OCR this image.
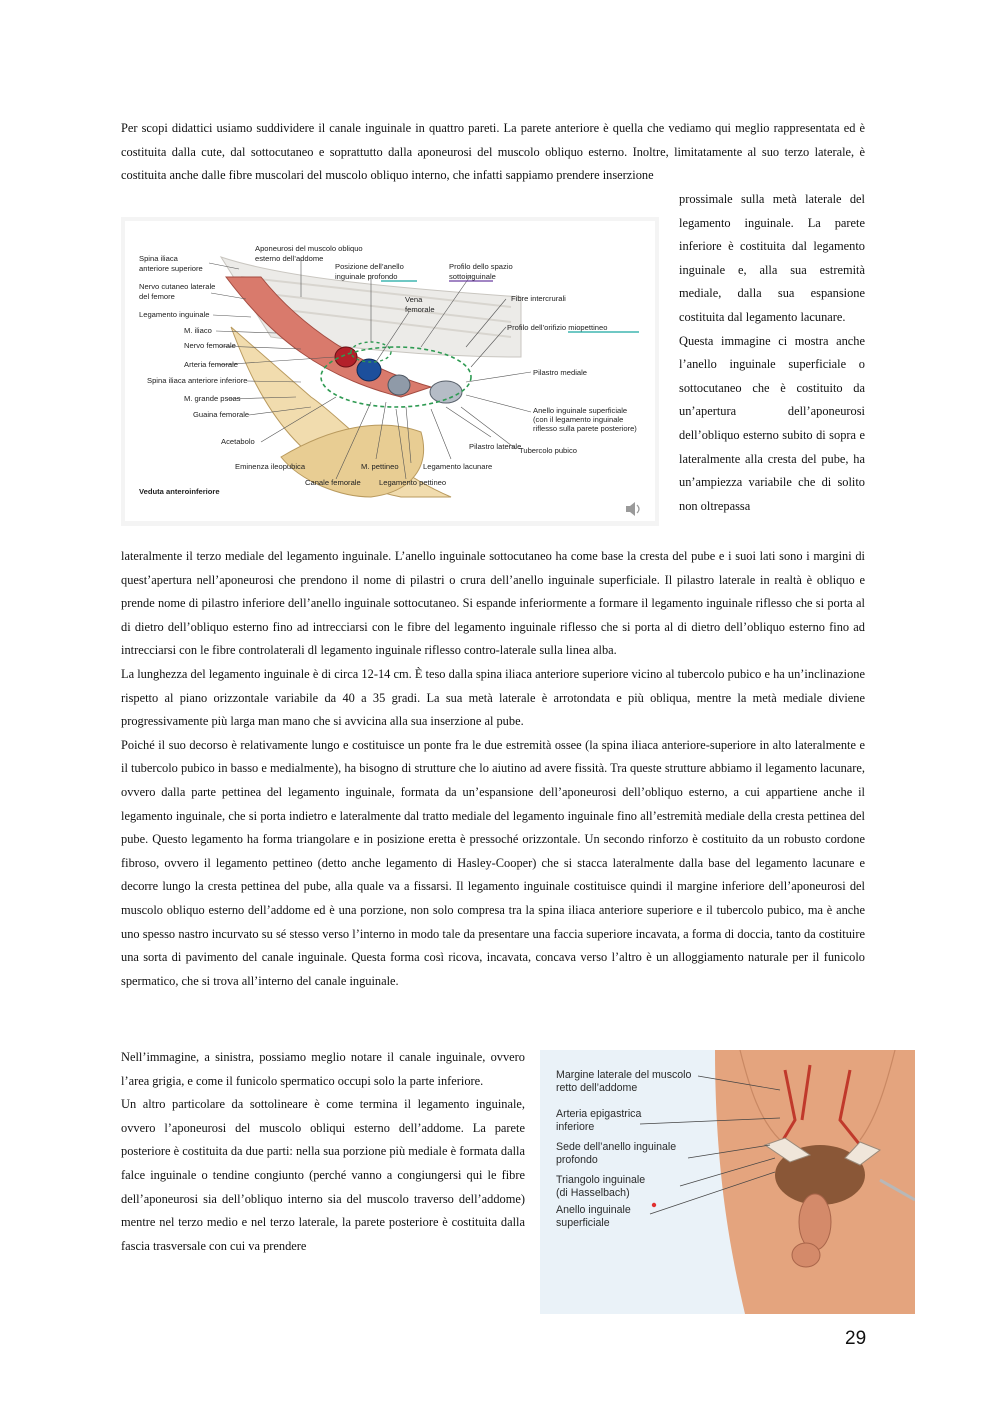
Per scopi didattici usiamo suddividere il canale inguinale in quattro pareti. La parete anteriore è quella che vediamo qui meglio rappresentata ed è costituita dalla cute, dal sottocutaneo e soprattutto dalla aponeurosi del muscolo obliquo esterno. Inoltre, limitatamente al suo terzo laterale, è costituita anche dalle fibre muscolari del muscolo obliquo interno, che infatti sappiamo prendere inserzione

Spina iliaca
anteriore superiore
Nervo cutaneo laterale
del femore
Legamento inguinale
M. iliaco
Nervo femorale
Arteria femorale
Spina iliaca anteriore inferiore
M. grande psoas
Guaina femorale
Acetabolo
Aponeurosi del muscolo obliquo
esterno dell’addome
Posizione dell’anello
inguinale profondo
Profilo dello spazio
sottoinguinale
Vena
femorale
Fibre intercrurali
Profilo dell’orifizio miopettineo
Pilastro mediale
Anello inguinale superficiale
(con il legamento inguinale
riflesso sulla parete posteriore)
Tubercolo pubico
Pilastro laterale
Legamento lacunare
Eminenza ileopubica	M. pettineo
Canale femorale Legamento pettineo
Veduta anteroinferiore

prossimale sulla metà laterale del legamento inguinale. La parete inferiore è costituita dal legamento inguinale e, alla sua estremità mediale, dalla sua espansione costituita dal legamento lacunare.

Questa immagine ci mostra anche l’anello inguinale superficiale o sottocutaneo che è costituito da un’apertura dell’aponeurosi dell’obliquo esterno subito di sopra e lateralmente alla cresta del pube, ha un’ampiezza variabile che di solito non oltrepassa

lateralmente il terzo mediale del legamento inguinale. L’anello inguinale sottocutaneo ha come base la cresta del pube e i suoi lati sono i margini di quest’apertura nell’aponeurosi che prendono il nome di pilastri o crura dell’anello inguinale superficiale. Il pilastro laterale in realtà è obliquo e prende nome di pilastro inferiore dell’anello inguinale sottocutaneo. Si espande inferiormente a formare il legamento inguinale riflesso che si porta al di dietro dell’obliquo esterno fino ad intrecciarsi con le fibre del legamento inguinale riflesso che si porta al di dietro dell’obliquo esterno fino ad intrecciarsi con le fibre controlaterali dl legamento inguinale riflesso contro-laterale sulla linea alba.

La lunghezza del legamento inguinale è di circa 12-14 cm. È teso dalla spina iliaca anteriore superiore vicino al tubercolo pubico e ha un’inclinazione rispetto al piano orizzontale variabile da 40 a 35 gradi. La sua metà laterale è arrotondata e più obliqua, mentre la metà mediale diviene progressivamente più larga man mano che si avvicina alla sua inserzione al pube.

Poiché il suo decorso è relativamente lungo e costituisce un ponte fra le due estremità ossee (la spina iliaca anteriore-superiore in alto lateralmente e il tubercolo pubico in basso e medialmente), ha bisogno di strutture che lo aiutino ad avere fissità. Tra queste strutture abbiamo il legamento lacunare, ovvero dalla parte pettinea del legamento inguinale, formata da un’espansione dell’aponeurosi dell’obliquo esterno, a cui appartiene anche il legamento inguinale, che si porta indietro e lateralmente dal tratto mediale del legamento inguinale fino all’estremità mediale della cresta pettinea del pube. Questo legamento ha forma triangolare e in posizione eretta è pressoché orizzontale. Un secondo rinforzo è costituito da un robusto cordone fibroso, ovvero il legamento pettineo (detto anche legamento di Hasley-Cooper) che si stacca lateralmente dalla base del legamento lacunare e decorre lungo la cresta pettinea del pube, alla quale va a fissarsi. Il legamento inguinale costituisce quindi il margine inferiore dell’aponeurosi del muscolo obliquo esterno dell’addome ed è una porzione, non solo compresa tra la spina iliaca anteriore superiore e il tubercolo pubico, ma è anche uno spesso nastro incurvato su sé stesso verso l’interno in modo tale da presentare una faccia superiore incavata, a forma di doccia, tanto da costituire una sorta di pavimento del canale inguinale. Questa forma così ricova, incavata, concava verso l’altro è un alloggiamento naturale per il funicolo spermatico, che si trova all’interno del canale inguinale.

Nell’immagine, a sinistra, possiamo meglio notare il canale inguinale, ovvero l’area grigia, e come il funicolo spermatico occupi solo la parte inferiore.

Un altro particolare da sottolineare è come termina il legamento inguinale, ovvero l’aponeurosi del muscolo obliqui esterno dell’addome. La parete posteriore è costituita da due parti: nella sua porzione più mediale è formata dalla falce inguinale o tendine congiunto (perché vanno a congiungersi qui le fibre dell’aponeurosi sia dell’obliquo interno sia del muscolo traverso dell’addome) mentre nel terzo medio e nel terzo laterale, la parete posteriore è costituita dalla fascia trasversale con cui va prendere

Margine laterale del muscolo
retto dell’addome
Arteria epigastrica
inferiore
Sede dell’anello inguinale
profondo
Triangolo inguinale
(di Hasselbach)
Anello inguinale
superficiale
29
